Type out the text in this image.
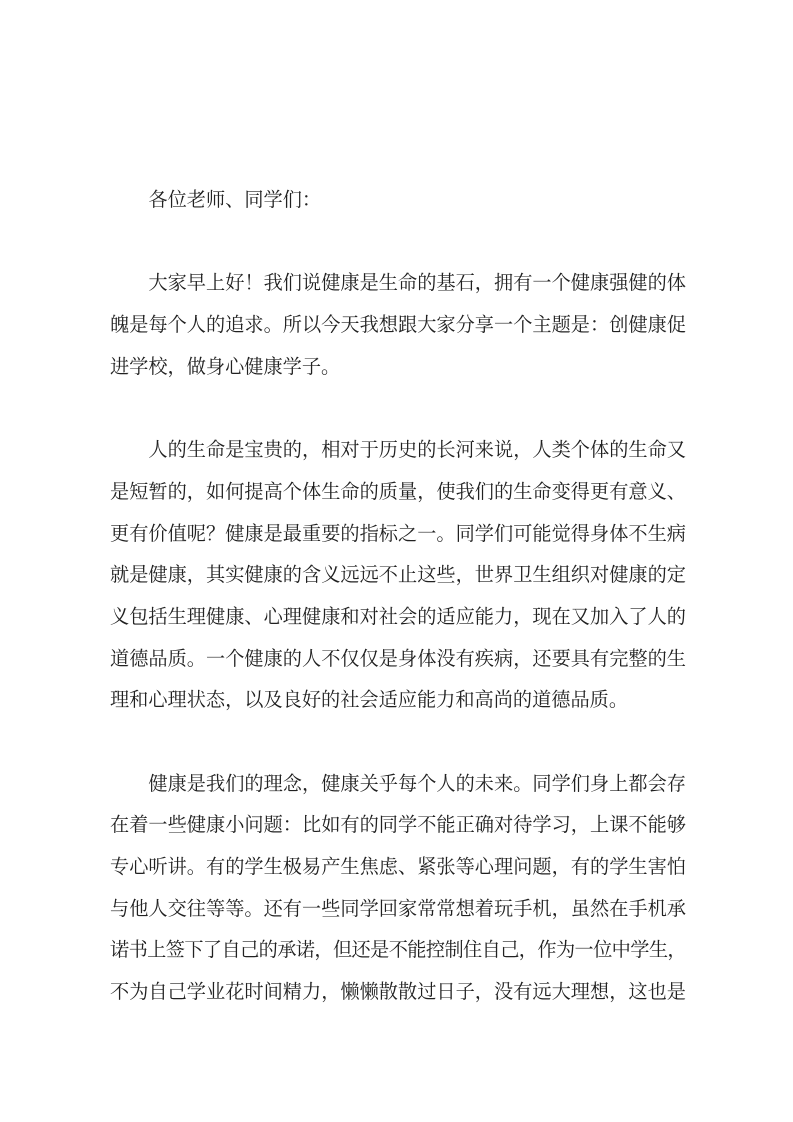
各位老师、同学们：
大家早上好！我们说健康是生命的基石，拥有一个健康强健的体
魄是每个人的追求。所以今天我想跟大家分享一个主题是：创健康促
进学校，做身心健康学子。
人的生命是宝贵的，相对于历史的长河来说，人类个体的生命又
是短暂的，如何提高个体生命的质量，使我们的生命变得更有意义、
更有价值呢？健康是最重要的指标之一。同学们可能觉得身体不生病
就是健康，其实健康的含义远远不止这些，世界卫生组织对健康的定
义包括生理健康、心理健康和对社会的适应能力，现在又加入了人的
道德品质。一个健康的人不仅仅是身体没有疾病，还要具有完整的生
理和心理状态，以及良好的社会适应能力和高尚的道德品质。
健康是我们的理念，健康关乎每个人的未来。同学们身上都会存
在着一些健康小问题：比如有的同学不能正确对待学习，上课不能够
专心听讲。有的学生极易产生焦虑、紧张等心理问题，有的学生害怕
与他人交往等等。还有一些同学回家常常想着玩手机，虽然在手机承
诺书上签下了自己的承诺，但还是不能控制住自己，作为一位中学生，
不为自己学业花时间精力，懒懒散散过日子，没有远大理想，这也是
